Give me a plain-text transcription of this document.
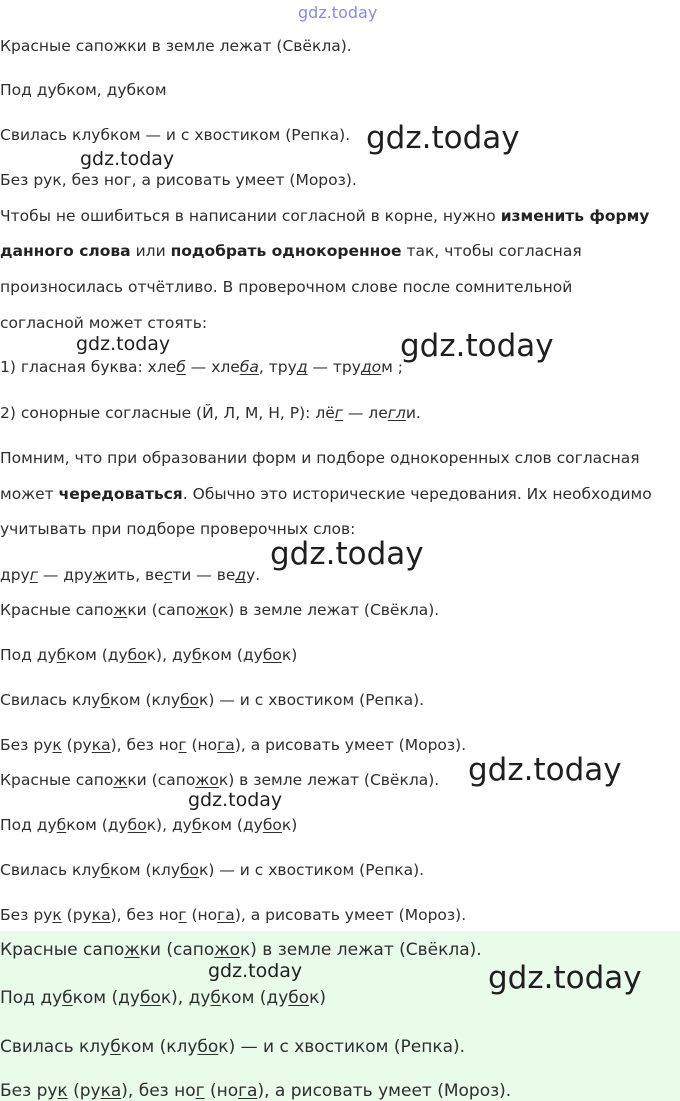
gdz.today
Красные сапожки в земле лежат (Свёкла).
Под дубком, дубком
Свилась клубком — и с хвостиком (Репка).
Без рук, без ног, а рисовать умеет (Мороз).
Чтобы не ошибиться в написании согласной в корне, нужно изменить форму
данного слова или подобрать однокоренное так, чтобы согласная
произносилась отчётливо. В проверочном слове после сомнительной
согласной может стоять:
1) гласная буква: хлеб — хлеба, труд — трудом ;
2) сонорные согласные (Й, Л, М, Н, Р): лёг — легли.
Помним, что при образовании форм и подборе однокоренных слов согласная
может чередоваться. Обычно это исторические чередования. Их необходимо
учитывать при подборе проверочных слов:
друг — дружить, вести — веду.
Красные сапожки (сапожок) в земле лежат (Свёкла).
Под дубком (дубок), дубком (дубок)
Свилась клубком (клубок) — и с хвостиком (Репка).
Без рук (рука), без ног (нога), а рисовать умеет (Мороз).
Красные сапожки (сапожок) в земле лежат (Свёкла).
Под дубком (дубок), дубком (дубок)
Свилась клубком (клубок) — и с хвостиком (Репка).
Без рук (рука), без ног (нога), а рисовать умеет (Мороз).
Красные сапожки (сапожок) в земле лежат (Свёкла).
Под дубком (дубок), дубком (дубок)
Свилась клубком (клубок) — и с хвостиком (Репка).
Без рук (рука), без ног (нога), а рисовать умеет (Мороз).
gdz.today
gdz.today
gdz.today	gdz.today
gdz.today
gdz.today
gdz.today
gdz.today	gdz.today
